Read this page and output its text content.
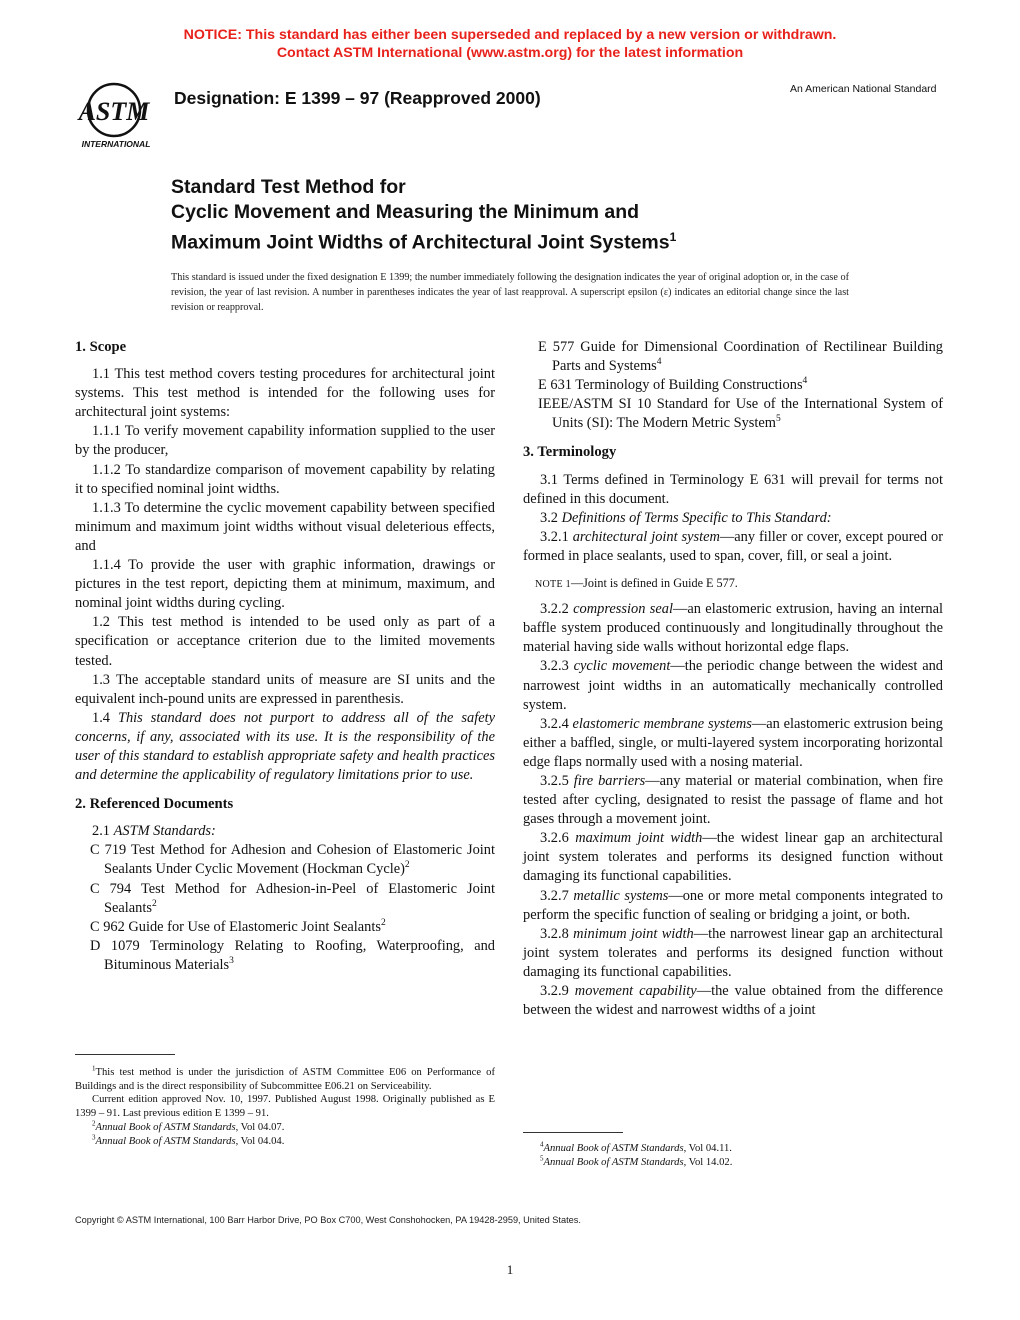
NOTICE: This standard has either been superseded and replaced by a new version or withdrawn.
Contact ASTM International (www.astm.org) for the latest information
ASTM
INTERNATIONAL
Designation: E 1399 – 97 (Reapproved 2000)	An American National Standard
Standard Test Method for
Cyclic Movement and Measuring the Minimum and
Maximum Joint Widths of Architectural Joint Systems$^1$
This standard is issued under the fixed designation E 1399; the number immediately following the designation indicates the year of original adoption or, in the case of revision, the year of last revision. A number in parentheses indicates the year of last reapproval. A superscript epsilon (ε) indicates an editorial change since the last revision or reapproval.
1. Scope

1.1 This test method covers testing procedures for architectural joint systems. This test method is intended for the following uses for architectural joint systems:

1.1.1 To verify movement capability information supplied to the user by the producer,

1.1.2 To standardize comparison of movement capability by relating it to specified nominal joint widths.

1.1.3 To determine the cyclic movement capability between specified minimum and maximum joint widths without visual deleterious effects, and

1.1.4 To provide the user with graphic information, drawings or pictures in the test report, depicting them at minimum, maximum, and nominal joint widths during cycling.

1.2 This test method is intended to be used only as part of a specification or acceptance criterion due to the limited movements tested.

1.3 The acceptable standard units of measure are SI units and the equivalent inch-pound units are expressed in parenthesis.

1.4 This standard does not purport to address all of the safety concerns, if any, associated with its use. It is the responsibility of the user of this standard to establish appropriate safety and health practices and determine the applicability of regulatory limitations prior to use.

2. Referenced Documents

2.1 ASTM Standards:

C 719 Test Method for Adhesion and Cohesion of Elastomeric Joint Sealants Under Cyclic Movement (Hockman Cycle)$^2$

C 794 Test Method for Adhesion-in-Peel of Elastomeric Joint Sealants$^2$

C 962 Guide for Use of Elastomeric Joint Sealants$^2$

D 1079 Terminology Relating to Roofing, Waterproofing, and Bituminous Materials$^3$

$^1$This test method is under the jurisdiction of ASTM Committee E06 on Performance of Buildings and is the direct responsibility of Subcommittee E06.21 on Serviceability.

Current edition approved Nov. 10, 1997. Published August 1998. Originally published as E 1399 – 91. Last previous edition E 1399 – 91.

$^2$Annual Book of ASTM Standards, Vol 04.07.

$^3$Annual Book of ASTM Standards, Vol 04.04.

E 577 Guide for Dimensional Coordination of Rectilinear Building Parts and Systems$^4$

E 631 Terminology of Building Constructions$^4$

IEEE/ASTM SI 10 Standard for Use of the International System of Units (SI): The Modern Metric System$^5$

3. Terminology

3.1 Terms defined in Terminology E 631 will prevail for terms not defined in this document.

3.2 Definitions of Terms Specific to This Standard:

3.2.1 architectural joint system—any filler or cover, except poured or formed in place sealants, used to span, cover, fill, or seal a joint.

NOTE 1—Joint is defined in Guide E 577.

3.2.2 compression seal—an elastomeric extrusion, having an internal baffle system produced continuously and longitudinally throughout the material having side walls without horizontal edge flaps.

3.2.3 cyclic movement—the periodic change between the widest and narrowest joint widths in an automatically mechanically controlled system.

3.2.4 elastomeric membrane systems—an elastomeric extrusion being either a baffled, single, or multi-layered system incorporating horizontal edge flaps normally used with a nosing material.

3.2.5 fire barriers—any material or material combination, when fire tested after cycling, designated to resist the passage of flame and hot gases through a movement joint.

3.2.6 maximum joint width—the widest linear gap an architectural joint system tolerates and performs its designed function without damaging its functional capabilities.

3.2.7 metallic systems—one or more metal components integrated to perform the specific function of sealing or bridging a joint, or both.

3.2.8 minimum joint width—the narrowest linear gap an architectural joint system tolerates and performs its designed function without damaging its functional capabilities.

3.2.9 movement capability—the value obtained from the difference between the widest and narrowest widths of a joint

$^4$Annual Book of ASTM Standards, Vol 04.11.

$^5$Annual Book of ASTM Standards, Vol 14.02.

Copyright © ASTM International, 100 Barr Harbor Drive, PO Box C700, West Conshohocken, PA 19428-2959, United States.
1
